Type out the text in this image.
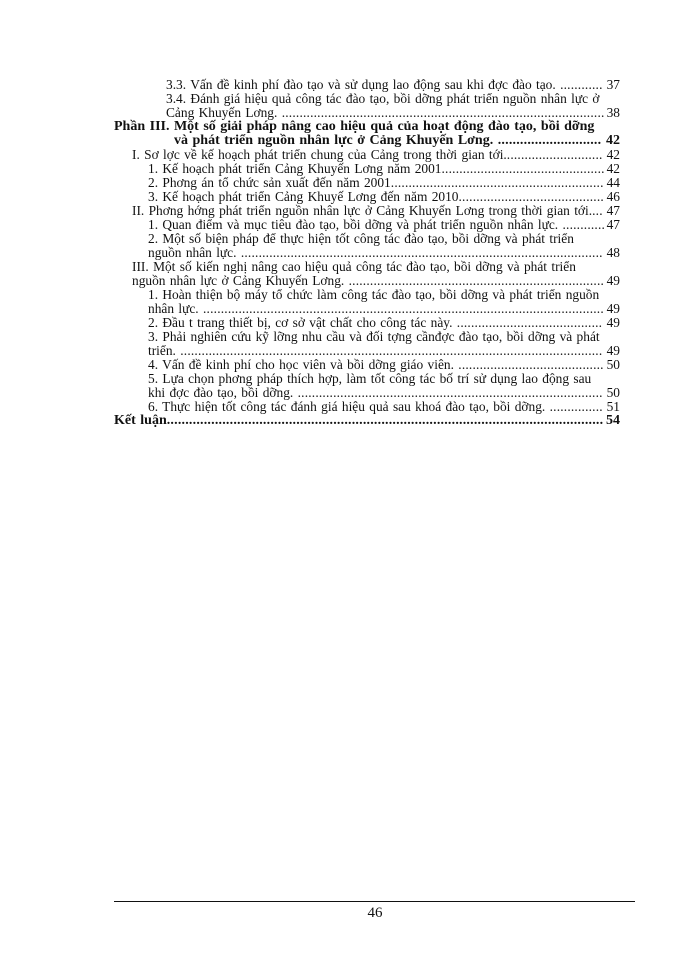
3.3. Vấn đề kinh phí đào tạo và sử dụng lao động sau khi đợc đào tạo. ............ 37
3.4. Đánh giá hiệu quả công tác đào tạo, bồi dỡng phát triển nguồn nhân lực ở Cảng Khuyến Lơng. ........................................................................................... 38
Phần III. Một số giải pháp nâng cao hiệu quả của hoạt động đào tạo, bồi dỡng và phát triển nguồn nhân lực ở Cảng Khuyến Lơng. ............................ 42
I. Sơ lợc về kế hoạch phát triển chung của Cảng trong thời gian tới............................ 42
1. Kế hoạch phát triển Cảng Khuyến Lơng năm 2001.............................................. 42
2. Phơng án tổ chức sản xuất đến năm 2001............................................................ 44
3. Kế hoạch phát triển Cảng Khuyế Lơng đến năm 2010......................................... 46
II. Phơng hớng phát triển nguồn nhân lực ở Cảng Khuyến Lơng trong thời gian tới.... 47
1. Quan điểm và mục tiêu đào tạo, bồi dỡng và phát triển nguồn nhân lực. ............ 47
2. Một số biện pháp để thực hiện tốt công tác đào tạo, bồi dỡng và phát triển nguồn nhân lực. ...................................................................................................... 48
III. Một số kiến nghị nâng cao hiệu quả công tác đào tạo, bồi dỡng và phát triển nguồn nhân lực ở Cảng Khuyến Lơng. ........................................................................ 49
1. Hoàn thiện bộ máy tổ chức làm công tác đào tạo, bồi dỡng và phát triển nguồn nhân lực. ................................................................................................................. 49
2. Đầu t trang thiết bị, cơ sở vật chất cho công tác này. ......................................... 49
3. Phải nghiên cứu kỹ lỡng nhu cầu và đối tợng cầnđợc đào tạo, bồi dỡng và phát triển. ....................................................................................................................... 49
4. Vấn đề kinh phí cho học viên và bồi dỡng giáo viên. ......................................... 50
5. Lựa chọn phơng pháp thích hợp, làm tốt công tác bố trí sử dụng lao động sau khi đợc đào tạo, bồi dỡng. ...................................................................................... 50
6. Thực hiện tốt công tác đánh giá hiệu quả sau khoá đào tạo, bồi dỡng. ............... 51
Kết luận...................................................................................................................... 54
46
